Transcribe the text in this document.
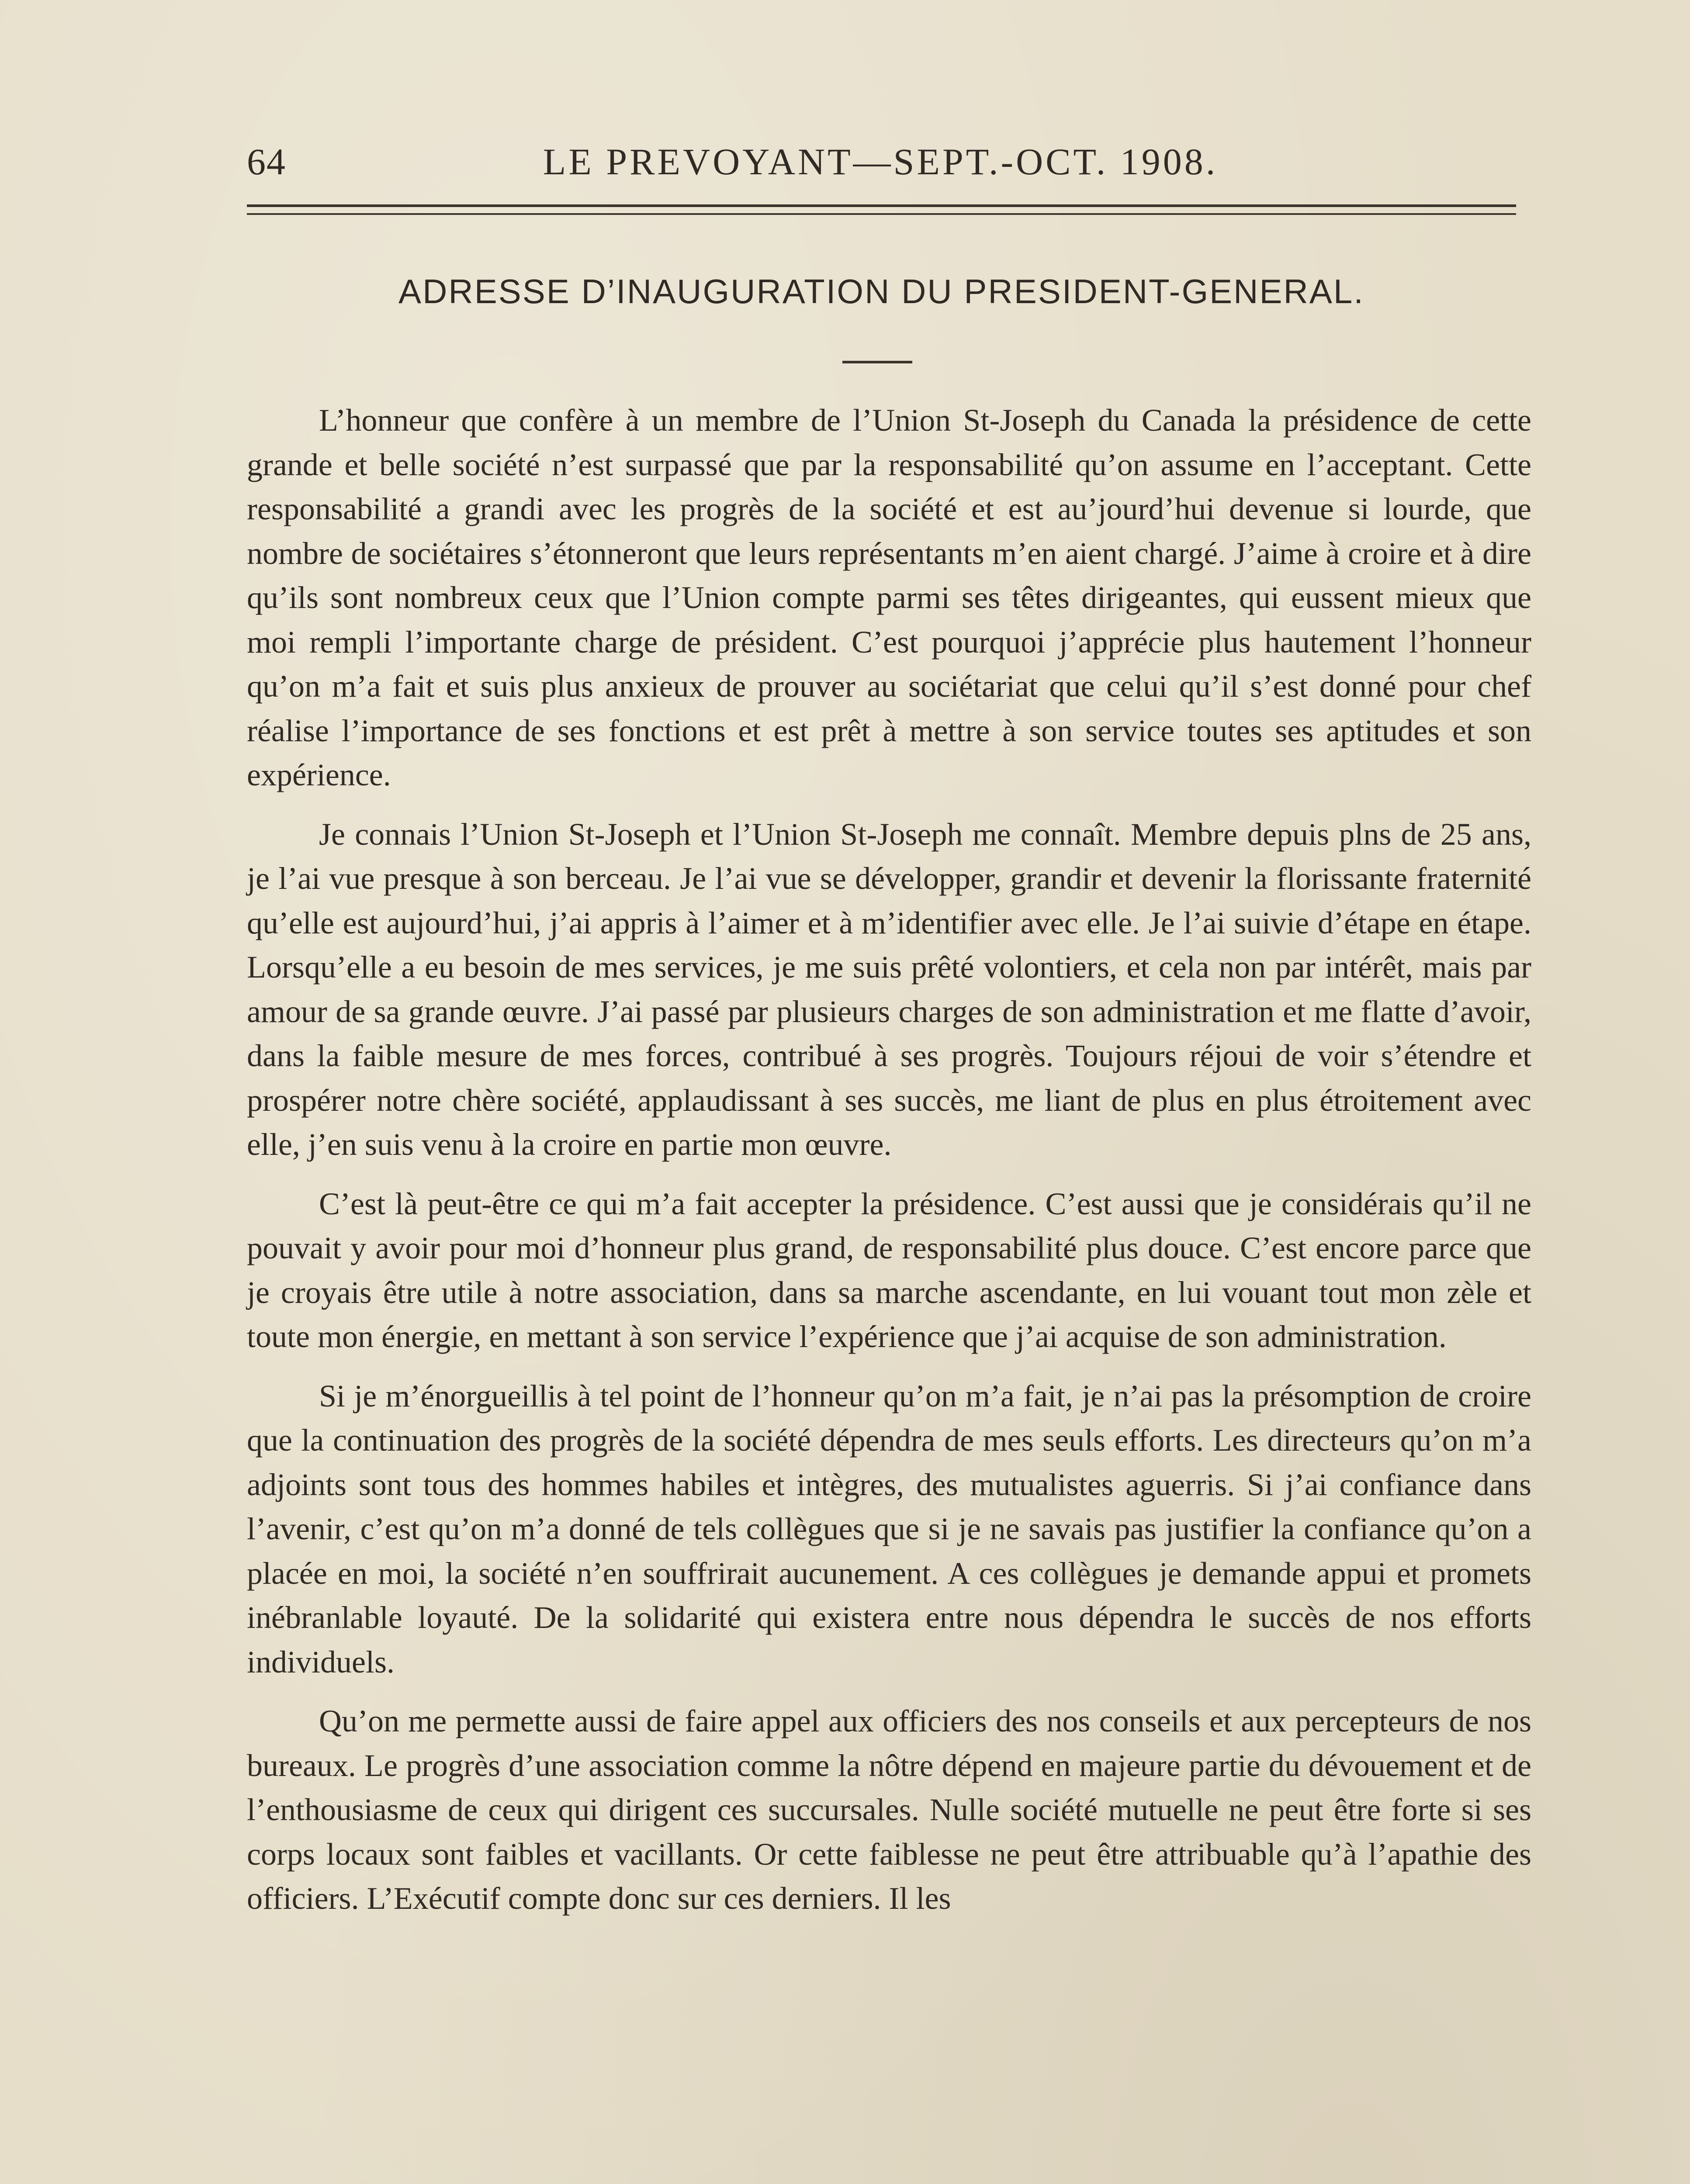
64	LE PREVOYANT—SEPT.-OCT. 1908.
ADRESSE D’INAUGURATION DU PRESIDENT-GENERAL.

L’honneur que confère à un membre de l’Union St-Joseph du Canada la présidence de cette grande et belle société n’est surpassé que par la responsabilité qu’on assume en l’acceptant. Cette responsabilité a grandi avec les progrès de la société et est au’jourd’hui devenue si lourde, que nombre de sociétaires s’étonneront que leurs représentants m’en aient chargé. J’aime à croire et à dire qu’ils sont nombreux ceux que l’Union compte parmi ses têtes dirigeantes, qui eussent mieux que moi rempli l’importante charge de président. C’est pourquoi j’apprécie plus hautement l’honneur qu’on m’a fait et suis plus anxieux de prouver au sociétariat que celui qu’il s’est donné pour chef réalise l’importance de ses fonctions et est prêt à mettre à son service toutes ses aptitudes et son expérience.

Je connais l’Union St-Joseph et l’Union St-Joseph me connaît. Membre depuis plns de 25 ans, je l’ai vue presque à son berceau. Je l’ai vue se développer, grandir et devenir la florissante fraternité qu’elle est aujourd’hui, j’ai appris à l’aimer et à m’identifier avec elle. Je l’ai suivie d’étape en étape. Lorsqu’elle a eu besoin de mes services, je me suis prêté volontiers, et cela non par intérêt, mais par amour de sa grande œuvre. J’ai passé par plusieurs charges de son administration et me flatte d’avoir, dans la faible mesure de mes forces, contribué à ses progrès. Toujours réjoui de voir s’étendre et prospérer notre chère société, applaudissant à ses succès, me liant de plus en plus étroitement avec elle, j’en suis venu à la croire en partie mon œuvre.

C’est là peut-être ce qui m’a fait accepter la présidence. C’est aussi que je considérais qu’il ne pouvait y avoir pour moi d’honneur plus grand, de responsabilité plus douce. C’est encore parce que je croyais être utile à notre association, dans sa marche ascendante, en lui vouant tout mon zèle et toute mon énergie, en mettant à son service l’expérience que j’ai acquise de son administration.

Si je m’énorgueillis à tel point de l’honneur qu’on m’a fait, je n’ai pas la présomption de croire que la continuation des progrès de la société dépendra de mes seuls efforts. Les directeurs qu’on m’a adjoints sont tous des hommes habiles et intègres, des mutualistes aguerris. Si j’ai confiance dans l’avenir, c’est qu’on m’a donné de tels collègues que si je ne savais pas justifier la confiance qu’on a placée en moi, la société n’en souffrirait aucunement. A ces collègues je demande appui et promets inébranlable loyauté. De la solidarité qui existera entre nous dépendra le succès de nos efforts individuels.

Qu’on me permette aussi de faire appel aux officiers des nos conseils et aux percepteurs de nos bureaux. Le progrès d’une association comme la nôtre dépend en majeure partie du dévouement et de l’enthousiasme de ceux qui dirigent ces succursales. Nulle société mutuelle ne peut être forte si ses corps locaux sont faibles et vacillants. Or cette faiblesse ne peut être attribuable qu’à l’apathie des officiers. L’Exécutif compte donc sur ces derniers. Il les
